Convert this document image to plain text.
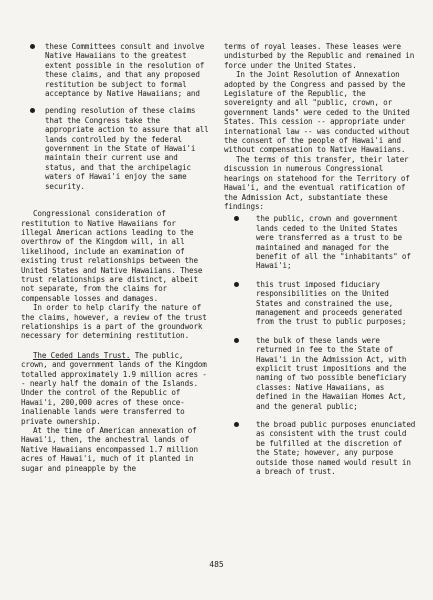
these Committees consult and involve Native Hawaiians to the greatest extent possible in the resolution of these claims, and that any proposed restitution be subject to formal acceptance by Native Hawaiians; and
pending resolution of these claims that the Congress take the appropriate action to assure that all lands controlled by the federal government in the State of Hawai'i maintain their current use and status, and that the archipelagic waters of Hawai'i enjoy the same security.

Congressional consideration of restitution to Native Hawaiians for illegal American actions leading to the overthrow of the Kingdom will, in all likelihood, include an examination of existing trust relationships between the United States and Native Hawaiians. These trust relationships are distinct, albeit not separate, from the claims for compensable losses and damages.

In order to help clarify the nature of the claims, however, a review of the trust relationships is a part of the groundwork necessary for determining restitution.

The Ceded Lands Trust. The public, crown, and government lands of the Kingdom totalled approximately 1.9 million acres -- nearly half the domain of the Islands. Under the control of the Republic of Hawai'i, 200,000 acres of these once-inalienable lands were transferred to private ownership.

At the time of American annexation of Hawai'i, then, the anchestral lands of Native Hawaiians encompassed 1.7 million acres of Hawai'i, much of it planted in sugar and pineapple by the

terms of royal leases. These leases were undisturbed by the Republic and remained in force under the United States.

In the Joint Resolution of Annexation adopted by the Congress and passed by the Legislature of the Republic, the sovereignty and all "public, crown, or government lands" were ceded to the United States. This cession -- appropriate under international law -- was conducted without the consent of the people of Hawai'i and without compensation to Native Hawaiians.

The terms of this transfer, their later discussion in numerous Congressional hearings on statehood for the Territory of Hawai'i, and the eventual ratification of the Admission Act, substantiate these findings:

the public, crown and government lands ceded to the United States were transferred as a trust to be maintained and managed for the benefit of all the "inhabitants" of Hawai'i;
this trust imposed fiduciary responsibilities on the United States and constrained the use, management and proceeds generated from the trust to public purposes;
the bulk of these lands were returned in fee to the State of Hawai'i in the Admission Act, with explicit trust impositions and the naming of two possible beneficiary classes: Native Hawaiians, as defined in the Hawaiian Homes Act, and the general public;
the broad public purposes enunciated as consistent with the trust could be fulfilled at the discretion of the State; however, any purpose outside those named would result in a breach of trust.
485
